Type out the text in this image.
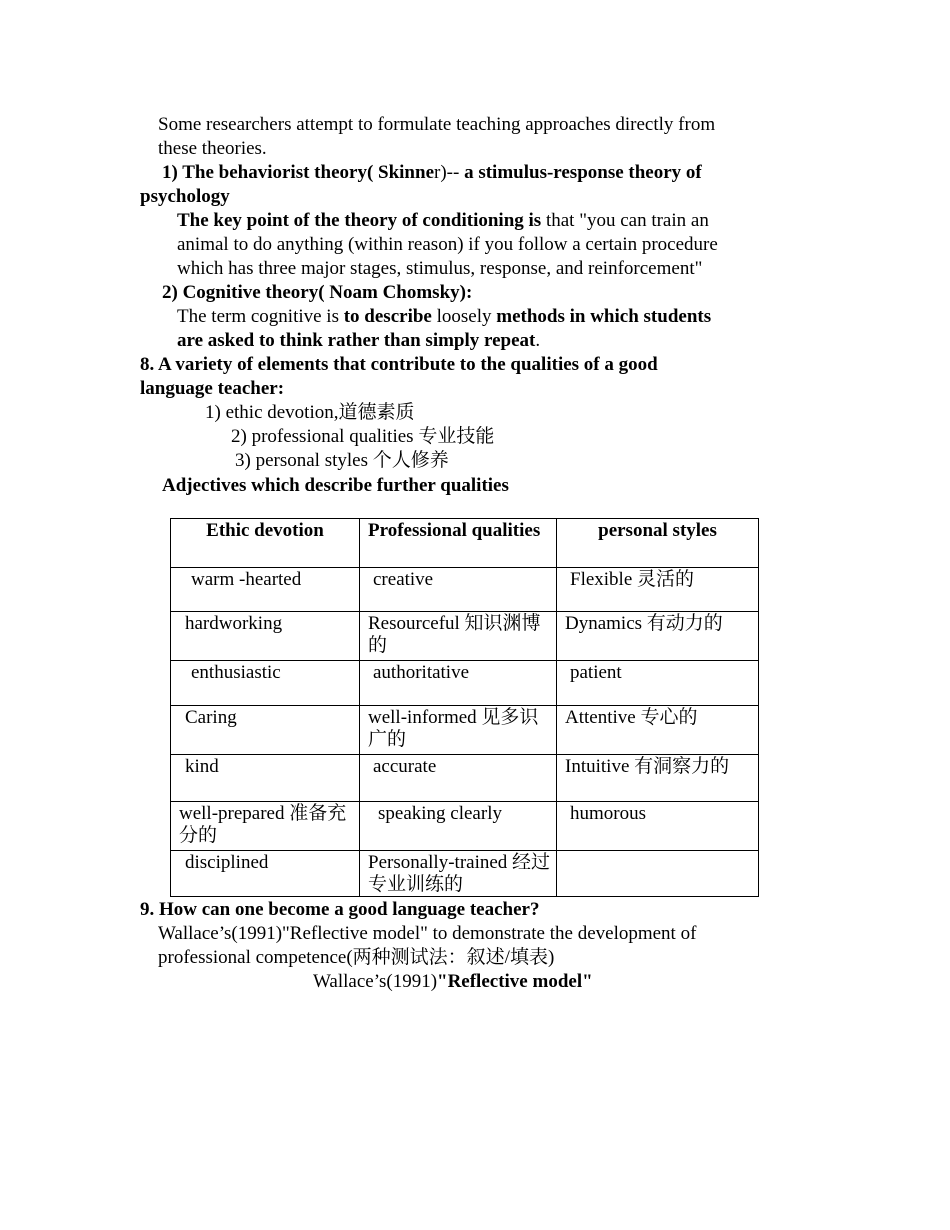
Some researchers attempt to formulate teaching approaches directly from
these theories.
1) The behaviorist theory( Skinner)-- a stimulus-response theory of
psychology
The key point of the theory of conditioning is that "you can train an
animal to do anything (within reason) if you follow a certain procedure
which has three major stages, stimulus, response, and reinforcement"
2) Cognitive theory( Noam Chomsky):
The term cognitive is to describe loosely methods in which students
are asked to think rather than simply repeat.
8. A variety of elements that contribute to the qualities of a good
language teacher:
1) ethic devotion,道德素质
2) professional qualities 专业技能
3) personal styles 个人修养
Adjectives which describe further qualities
Ethic devotion	Professional qualities	personal styles
warm -hearted	creative	Flexible 灵活的
hardworking	Resourceful 知识渊博的	Dynamics 有动力的
enthusiastic	authoritative	patient
Caring	well-informed 见多识广的	Attentive 专心的
kind	accurate	Intuitive 有洞察力的
well-prepared 准备充分的	speaking clearly	humorous
disciplined	Personally-trained 经过专业训练的	
9. How can one become a good language teacher?
Wallace’s(1991)"Reflective model" to demonstrate the development of
professional competence(两种测试法：叙述/填表)
Wallace’s(1991)"Reflective model"
